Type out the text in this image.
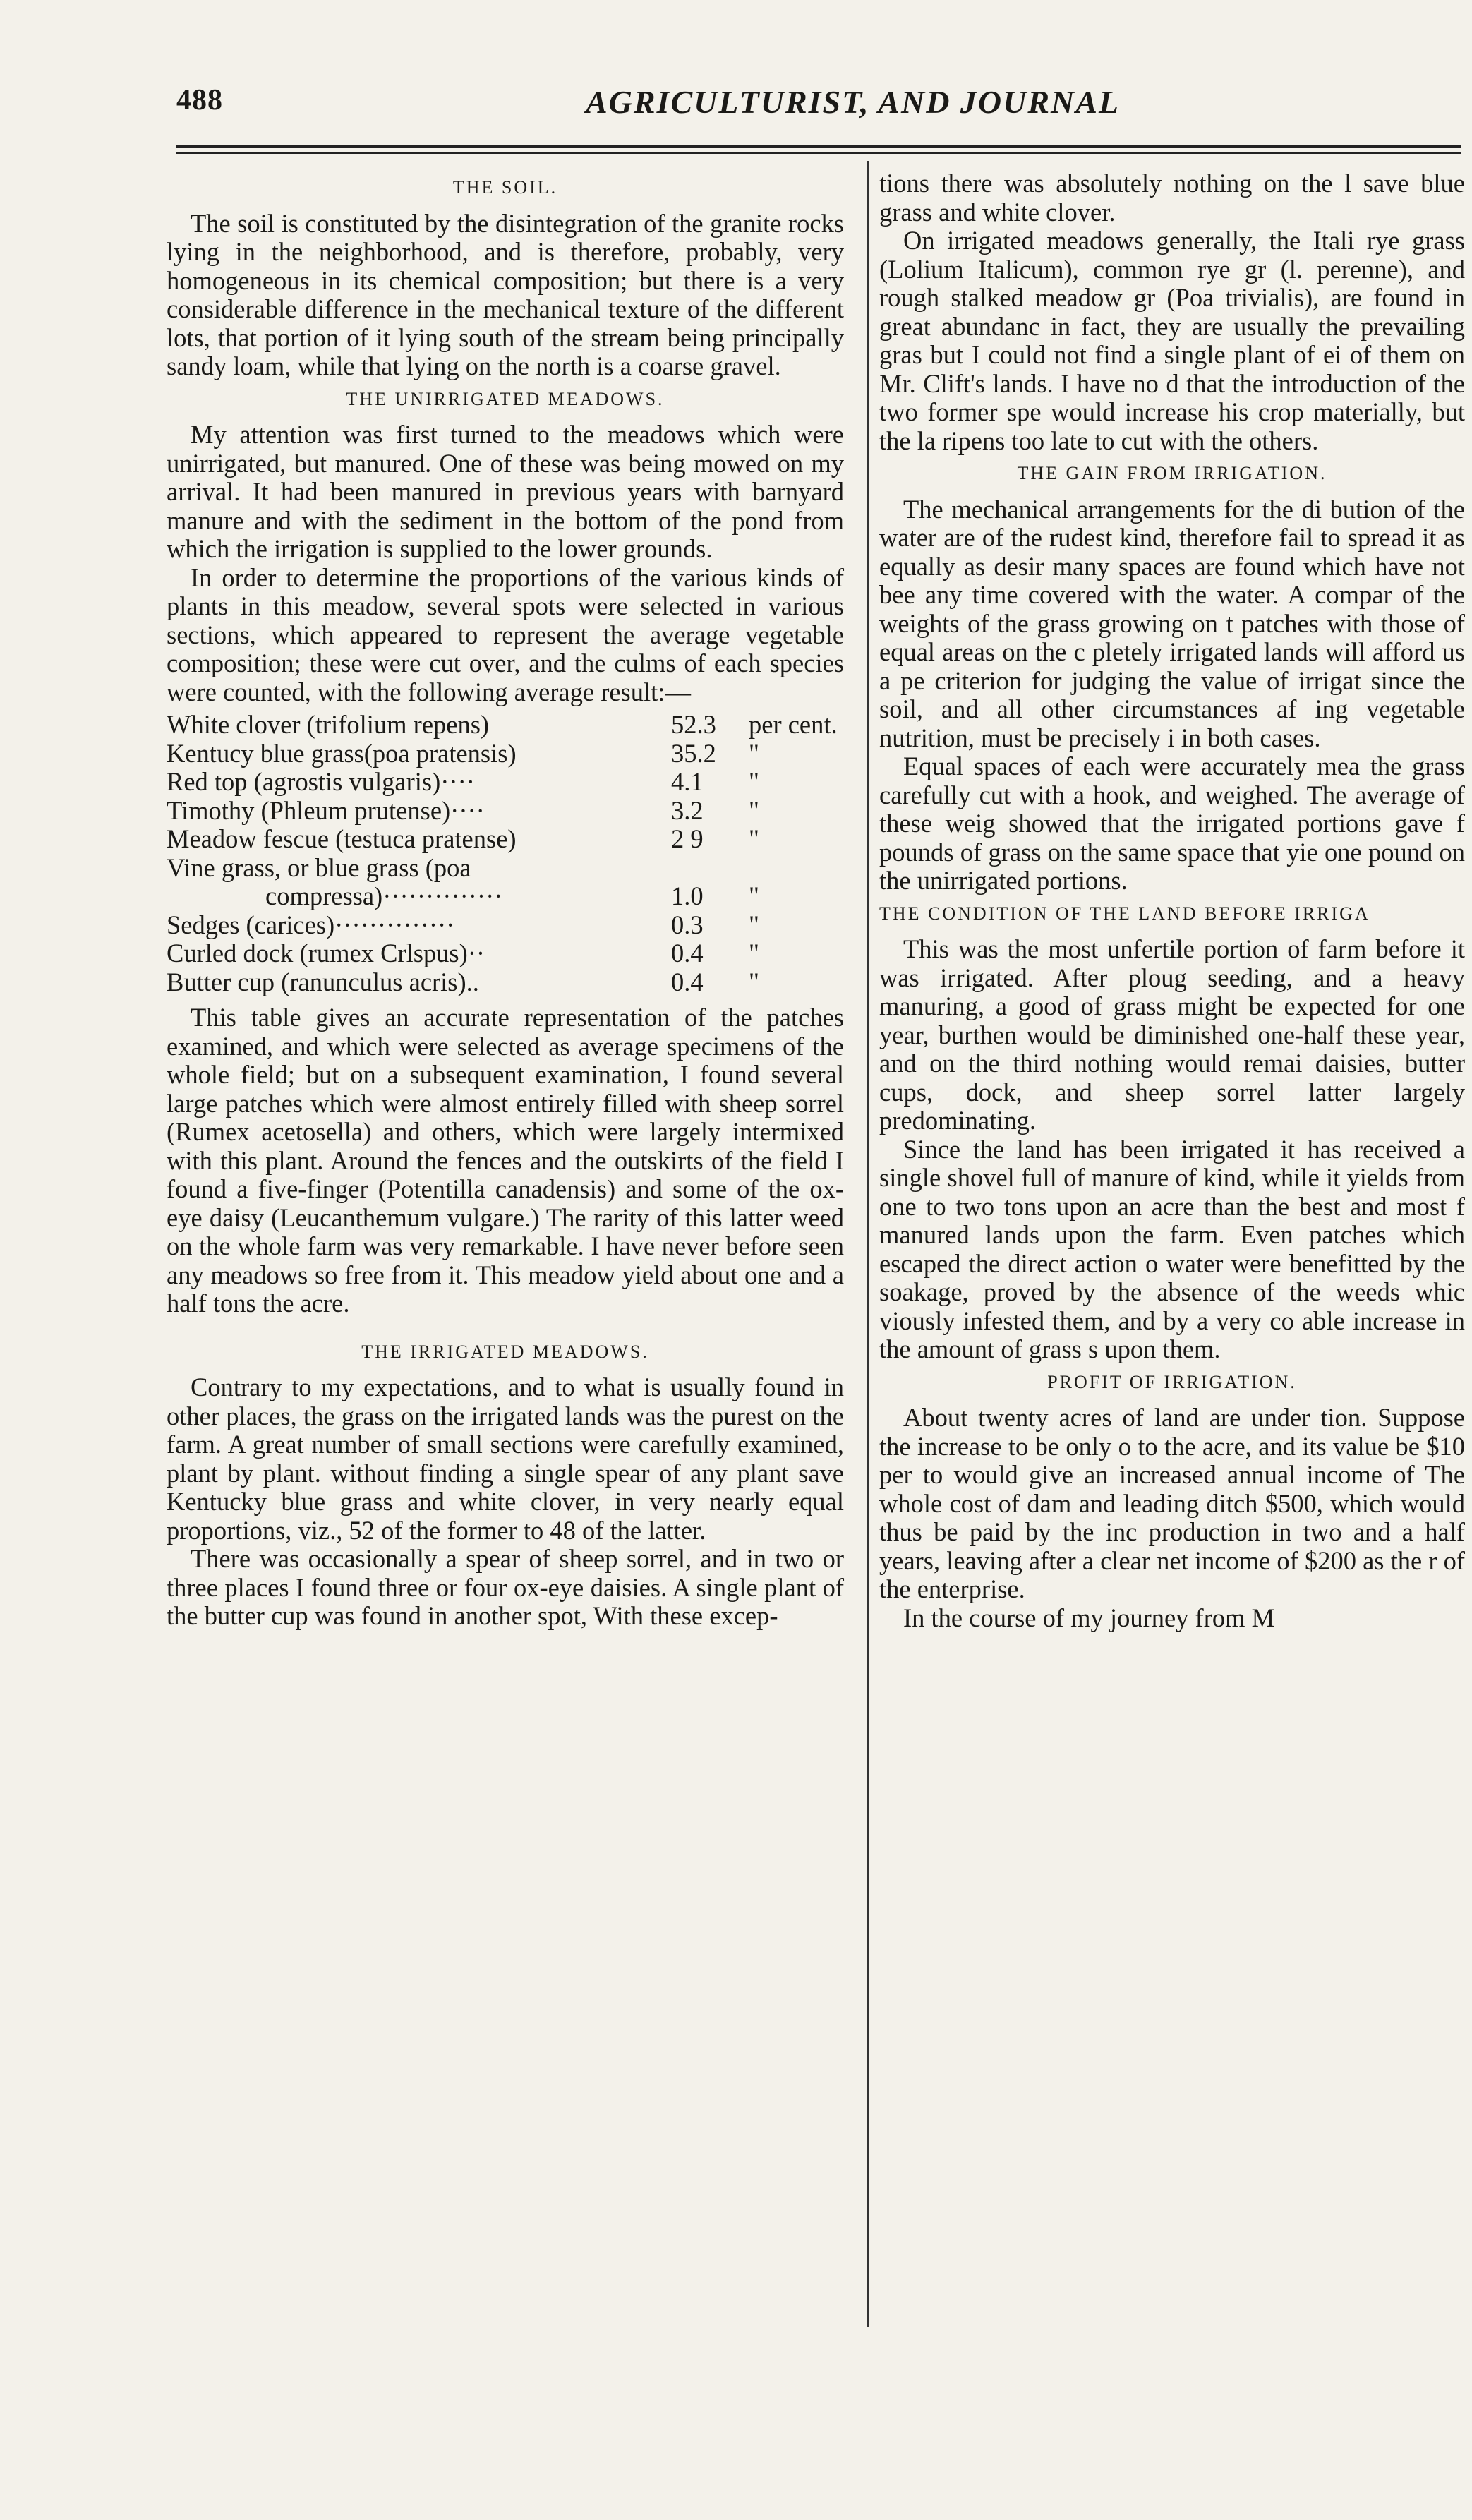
488	AGRICULTURIST, AND JOURNAL
THE SOIL.

The soil is constituted by the disintegration of the granite rocks lying in the neighborhood, and is therefore, probably, very homogeneous in its chemical composition; but there is a very considerable difference in the mechanical texture of the different lots, that portion of it lying south of the stream being principally sandy loam, while that lying on the north is a coarse gravel.

THE UNIRRIGATED MEADOWS.

My attention was first turned to the meadows which were unirrigated, but manured. One of these was being mowed on my arrival. It had been manured in previous years with barnyard manure and with the sediment in the bottom of the pond from which the irrigation is supplied to the lower grounds.

In order to determine the proportions of the various kinds of plants in this meadow, several spots were selected in various sections, which appeared to represent the average vegetable composition; these were cut over, and the culms of each species were counted, with the following average result:—

White clover (trifolium repens)	52.3	per cent.
Kentucy blue grass(poa pratensis)	35.2	"
Red top (agrostis vulgaris)····	4.1	"
Timothy (Phleum prutense)····	3.2	"
Meadow fescue (testuca pratense)	2 9	"
Vine grass, or blue grass (poa
compressa)··············	1.0	"
Sedges (carices)··············	0.3	"
Curled dock (rumex Crlspus)··	0.4	"
Butter cup (ranunculus acris)..	0.4	"

This table gives an accurate representation of the patches examined, and which were selected as average specimens of the whole field; but on a subsequent examination, I found several large patches which were almost entirely filled with sheep sorrel (Rumex acetosella) and others, which were largely intermixed with this plant. Around the fences and the outskirts of the field I found a five-finger (Potentilla canadensis) and some of the ox-eye daisy (Leucanthemum vulgare.) The rarity of this latter weed on the whole farm was very remarkable. I have never before seen any meadows so free from it. This meadow yield about one and a half tons the acre.

THE IRRIGATED MEADOWS.

Contrary to my expectations, and to what is usually found in other places, the grass on the irrigated lands was the purest on the farm. A great number of small sections were carefully examined, plant by plant. without finding a single spear of any plant save Kentucky blue grass and white clover, in very nearly equal proportions, viz., 52 of the former to 48 of the latter.

There was occasionally a spear of sheep sorrel, and in two or three places I found three or four ox-eye daisies. A single plant of the butter cup was found in another spot, With these excep-

tions there was absolutely nothing on the l save blue grass and white clover.

On irrigated meadows generally, the Itali rye grass (Lolium Italicum), common rye gr (l. perenne), and rough stalked meadow gr (Poa trivialis), are found in great abundanc in fact, they are usually the prevailing gras but I could not find a single plant of ei of them on Mr. Clift's lands. I have no d that the introduction of the two former spe would increase his crop materially, but the la ripens too late to cut with the others.

THE GAIN FROM IRRIGATION.

The mechanical arrangements for the di bution of the water are of the rudest kind, therefore fail to spread it as equally as desir many spaces are found which have not bee any time covered with the water. A compar of the weights of the grass growing on t patches with those of equal areas on the c pletely irrigated lands will afford us a pe criterion for judging the value of irrigat since the soil, and all other circumstances af ing vegetable nutrition, must be precisely i in both cases.

Equal spaces of each were accurately mea the grass carefully cut with a hook, and weighed. The average of these weig showed that the irrigated portions gave f pounds of grass on the same space that yie one pound on the unirrigated portions.

THE CONDITION OF THE LAND BEFORE IRRIGA

This was the most unfertile portion of farm before it was irrigated. After ploug seeding, and a heavy manuring, a good of grass might be expected for one year, burthen would be diminished one-half these year, and on the third nothing would remai daisies, butter cups, dock, and sheep sorrel latter largely predominating.

Since the land has been irrigated it has received a single shovel full of manure of kind, while it yields from one to two tons upon an acre than the best and most f manured lands upon the farm. Even patches which escaped the direct action o water were benefitted by the soakage, proved by the absence of the weeds whic viously infested them, and by a very co able increase in the amount of grass s upon them.

PROFIT OF IRRIGATION.

About twenty acres of land are under tion. Suppose the increase to be only o to the acre, and its value be $10 per to would give an increased annual income of The whole cost of dam and leading ditch $500, which would thus be paid by the inc production in two and a half years, leaving after a clear net income of $200 as the r of the enterprise.

In the course of my journey from M
